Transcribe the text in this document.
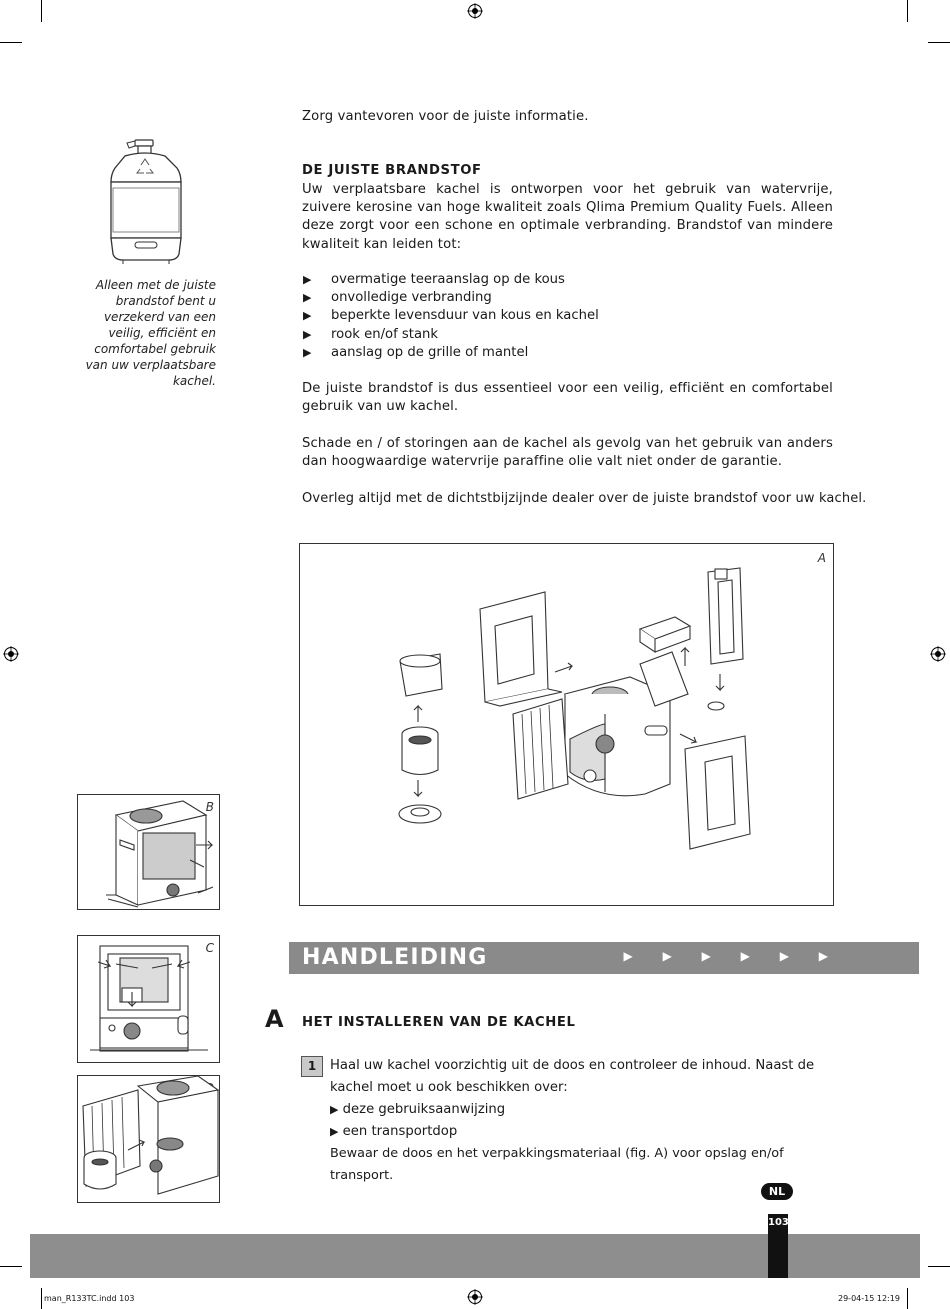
Zorg vantevoren voor de juiste informatie.

Alleen met de juiste brandstof bent u verzekerd van een veilig, efficiënt en comfortabel gebruik van uw verplaatsbare kachel.

DE JUISTE BRANDSTOF

Uw verplaatsbare kachel is ontworpen voor het gebruik van watervrije, zuivere kerosine van hoge kwaliteit zoals Qlima Premium Quality Fuels. Alleen deze zorgt voor een schone en optimale verbranding. Brandstof van mindere kwaliteit kan leiden tot:

▶ overmatige teeraanslag op de kous
▶ onvolledige verbranding
▶ beperkte levensduur van kous en kachel
▶ rook en/of stank
▶ aanslag op de grille of mantel

De juiste brandstof is dus essentieel voor een veilig, efficiënt en comfortabel gebruik van uw kachel.

Schade en / of storingen aan de kachel als gevolg van het gebruik van anders dan hoogwaardige watervrije paraffine olie valt niet onder de garantie.

Overleg altijd met de dichtstbijzijnde dealer over de juiste brandstof voor uw kachel.

A
B
C	HANDLEIDING	▶ ▶ ▶ ▶ ▶ ▶
A HET INSTALLEREN VAN DE KACHEL
1	Haal uw kachel voorzichtig uit de doos en controleer de inhoud. Naast de
kachel moet u ook beschikken over:
▶ deze gebruiksaanwijzing
▶ een transportdop
Bewaar de doos en het verpakkingsmateriaal (fig. A) voor opslag en/of transport.
NL
103
man_R133TC.indd 103	29-04-15 12:19
